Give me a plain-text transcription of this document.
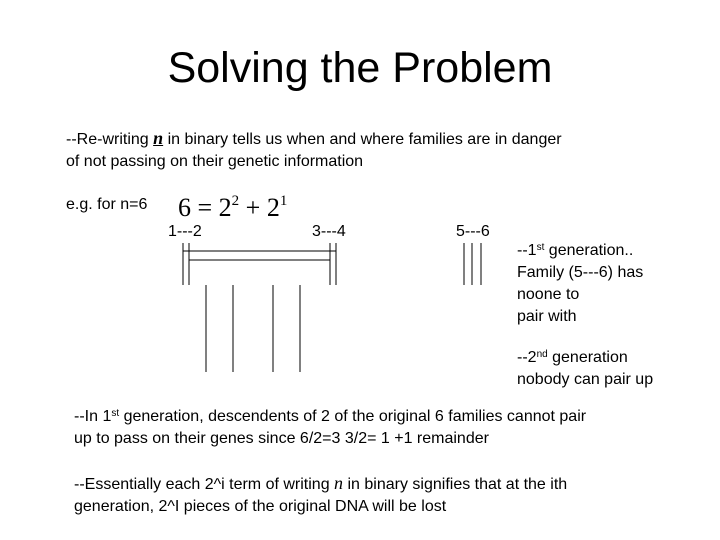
Solving the Problem
--Re-writing n in binary tells us when and where families are in danger
of not passing on their genetic information
e.g. for n=6 $6 = 2^2 + 2^1$
1---2	3---4	5---6
--1st generation..
Family (5---6) has
noone to
pair with
--2nd generation
nobody can pair up
--In 1st generation, descendents of 2 of the original 6 families cannot pair
up to pass on their genes since 6/2=3 3/2= 1 +1 remainder
--Essentially each 2^i term of writing n in binary signifies that at the ith
generation, 2^I pieces of the original DNA will be lost
